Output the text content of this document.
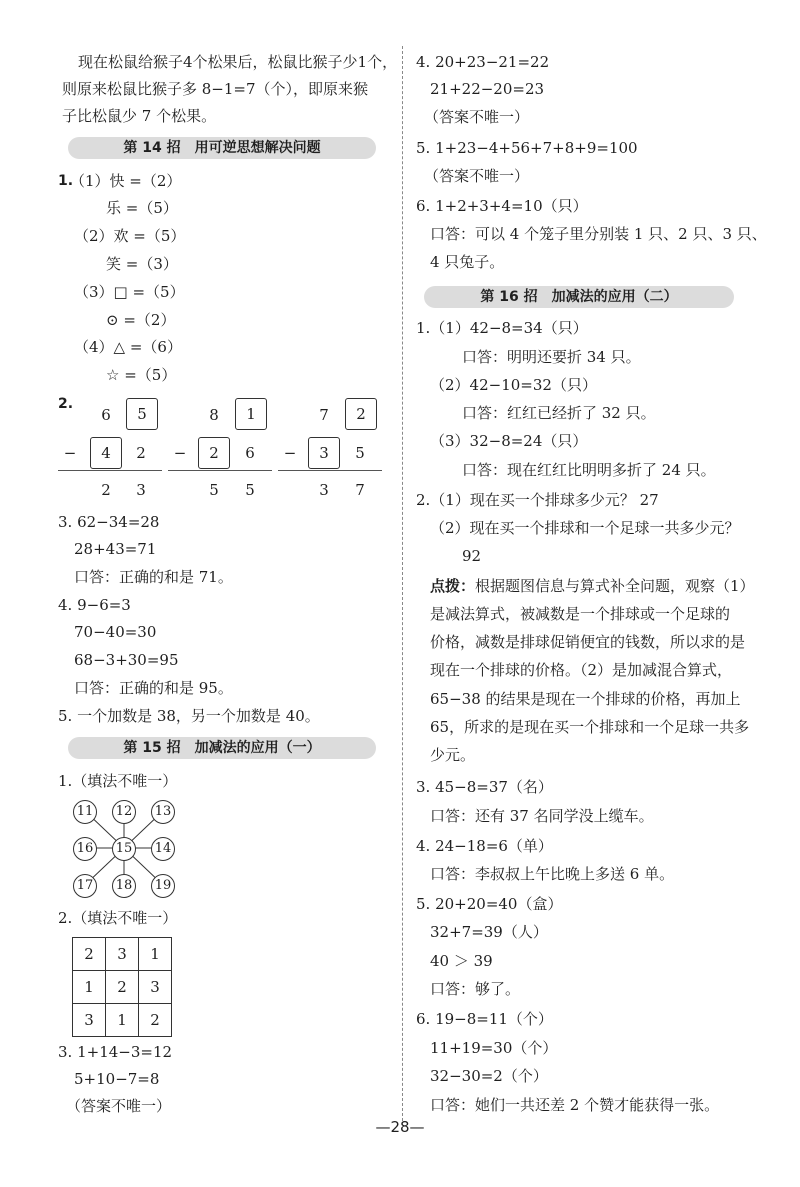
现在松鼠给猴子4个松果后，松鼠比猴子少1个，
则原来松鼠比猴子多 8−1=7（个），即原来猴
子比松鼠少 7 个松果。
第 14 招　用可逆思想解决问题
1.
（1）快 =（2）
乐 =（5）
（2）欢 =（5）
笑 =（3）
（3）□ =（5）
⊙ =（2）
（4）△ =（6）
☆ =（5）
2.
6	5
−	4	2
2	3
8	1
−	2	6
5	5
7	2
−	3	5
3	7
3. 62−34=28
28+43=71
口答：正确的和是 71。
4. 9−6=3
70−40=30
68−3+30=95
口答：正确的和是 95。
5. 一个加数是 38，另一个加数是 40。
第 15 招　加减法的应用（一）
1.（填法不唯一）
11 12 13
16 15 14
17 18 19
2.（填法不唯一）
2	3	1
1	2	3
3	1	2
3. 1+14−3=12
5+10−7=8
（答案不唯一）
4. 20+23−21=22
21+22−20=23
（答案不唯一）
5. 1+23−4+56+7+8+9=100
（答案不唯一）
6. 1+2+3+4=10（只）
口答：可以 4 个笼子里分别装 1 只、2 只、3 只、
4 只兔子。
第 16 招　加减法的应用（二）
1.（1）42−8=34（只）
口答：明明还要折 34 只。
（2）42−10=32（只）
口答：红红已经折了 32 只。
（3）32−8=24（只）
口答：现在红红比明明多折了 24 只。
2.（1）现在买一个排球多少元？ 27
（2）现在买一个排球和一个足球一共多少元？
92
点拨：根据题图信息与算式补全问题，观察（1）
是减法算式，被减数是一个排球或一个足球的
价格，减数是排球促销便宜的钱数，所以求的是
现在一个排球的价格。（2）是加减混合算式，
65−38 的结果是现在一个排球的价格，再加上
65，所求的是现在买一个排球和一个足球一共多
少元。
3. 45−8=37（名）
口答：还有 37 名同学没上缆车。
4. 24−18=6（单）
口答：李叔叔上午比晚上多送 6 单。
5. 20+20=40（盒）
32+7=39（人）
40 ＞ 39
口答：够了。
6. 19−8=11（个）
11+19=30（个）
32−30=2（个）
口答：她们一共还差 2 个赞才能获得一张。
—28—
